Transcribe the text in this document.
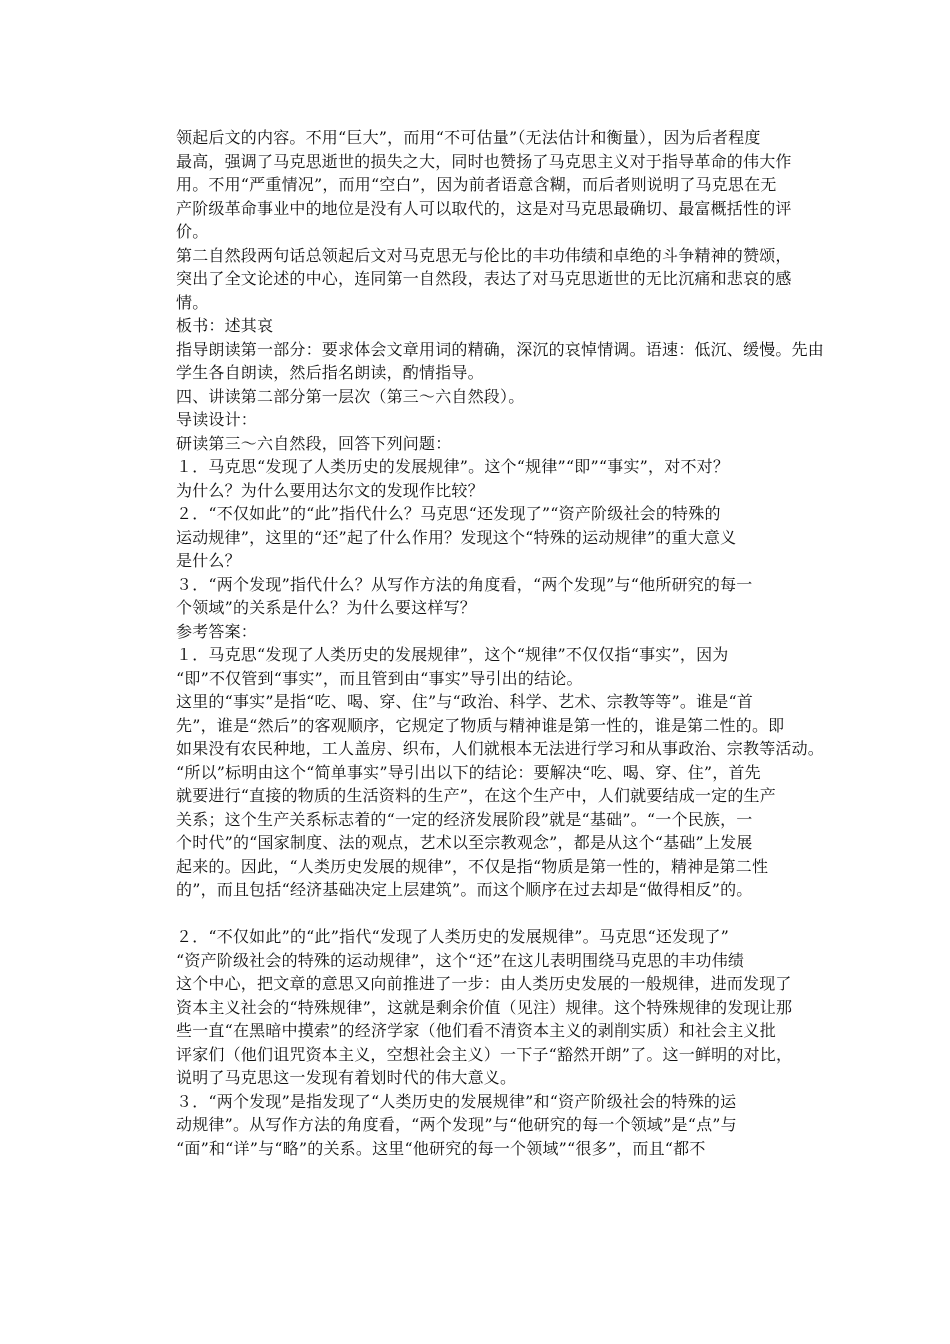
领起后文的内容。不用“巨大”，而用“不可估量”（无法估计和衡量），因为后者程度
最高，强调了马克思逝世的损失之大，同时也赞扬了马克思主义对于指导革命的伟大作
用。不用“严重情况”，而用“空白”，因为前者语意含糊，而后者则说明了马克思在无
产阶级革命事业中的地位是没有人可以取代的，这是对马克思最确切、最富概括性的评
价。
第二自然段两句话总领起后文对马克思无与伦比的丰功伟绩和卓绝的斗争精神的赞颂，
突出了全文论述的中心，连同第一自然段，表达了对马克思逝世的无比沉痛和悲哀的感
情。
板书：述其哀
指导朗读第一部分：要求体会文章用词的精确，深沉的哀悼情调。语速：低沉、缓慢。先由
学生各自朗读，然后指名朗读，酌情指导。
四、讲读第二部分第一层次（第三～六自然段）。
导读设计：
研读第三～六自然段，回答下列问题：
１．马克思“发现了人类历史的发展规律”。这个“规律”“即”“事实”，对不对？
为什么？为什么要用达尔文的发现作比较？
２．“不仅如此”的“此”指代什么？马克思“还发现了”“资产阶级社会的特殊的
运动规律”，这里的“还”起了什么作用？发现这个“特殊的运动规律”的重大意义
是什么？
３．“两个发现”指代什么？从写作方法的角度看，“两个发现”与“他所研究的每一
个领域”的关系是什么？为什么要这样写？
参考答案：
１．马克思“发现了人类历史的发展规律”，这个“规律”不仅仅指“事实”，因为
“即”不仅管到“事实”，而且管到由“事实”导引出的结论。
这里的“事实”是指“吃、喝、穿、住”与“政治、科学、艺术、宗教等等”。谁是“首
先”，谁是“然后”的客观顺序，它规定了物质与精神谁是第一性的，谁是第二性的。即
如果没有农民种地，工人盖房、织布，人们就根本无法进行学习和从事政治、宗教等活动。
“所以”标明由这个“简单事实”导引出以下的结论：要解决“吃、喝、穿、住”，首先
就要进行“直接的物质的生活资料的生产”，在这个生产中，人们就要结成一定的生产
关系；这个生产关系标志着的“一定的经济发展阶段”就是“基础”。“一个民族，一
个时代”的“国家制度、法的观点，艺术以至宗教观念”，都是从这个“基础”上发展
起来的。因此，“人类历史发展的规律”，不仅是指“物质是第一性的，精神是第二性
的”，而且包括“经济基础决定上层建筑”。而这个顺序在过去却是“做得相反”的。
２．“不仅如此”的“此”指代“发现了人类历史的发展规律”。马克思“还发现了”
“资产阶级社会的特殊的运动规律”，这个“还”在这儿表明围绕马克思的丰功伟绩
这个中心，把文章的意思又向前推进了一步：由人类历史发展的一般规律，进而发现了
资本主义社会的“特殊规律”，这就是剩余价值（见注）规律。这个特殊规律的发现让那
些一直“在黑暗中摸索”的经济学家（他们看不清资本主义的剥削实质）和社会主义批
评家们（他们诅咒资本主义，空想社会主义）一下子“豁然开朗”了。这一鲜明的对比，
说明了马克思这一发现有着划时代的伟大意义。
３．“两个发现”是指发现了“人类历史的发展规律”和“资产阶级社会的特殊的运
动规律”。从写作方法的角度看，“两个发现”与“他研究的每一个领域”是“点”与
“面”和“详”与“略”的关系。这里“他研究的每一个领域”“很多”，而且“都不
